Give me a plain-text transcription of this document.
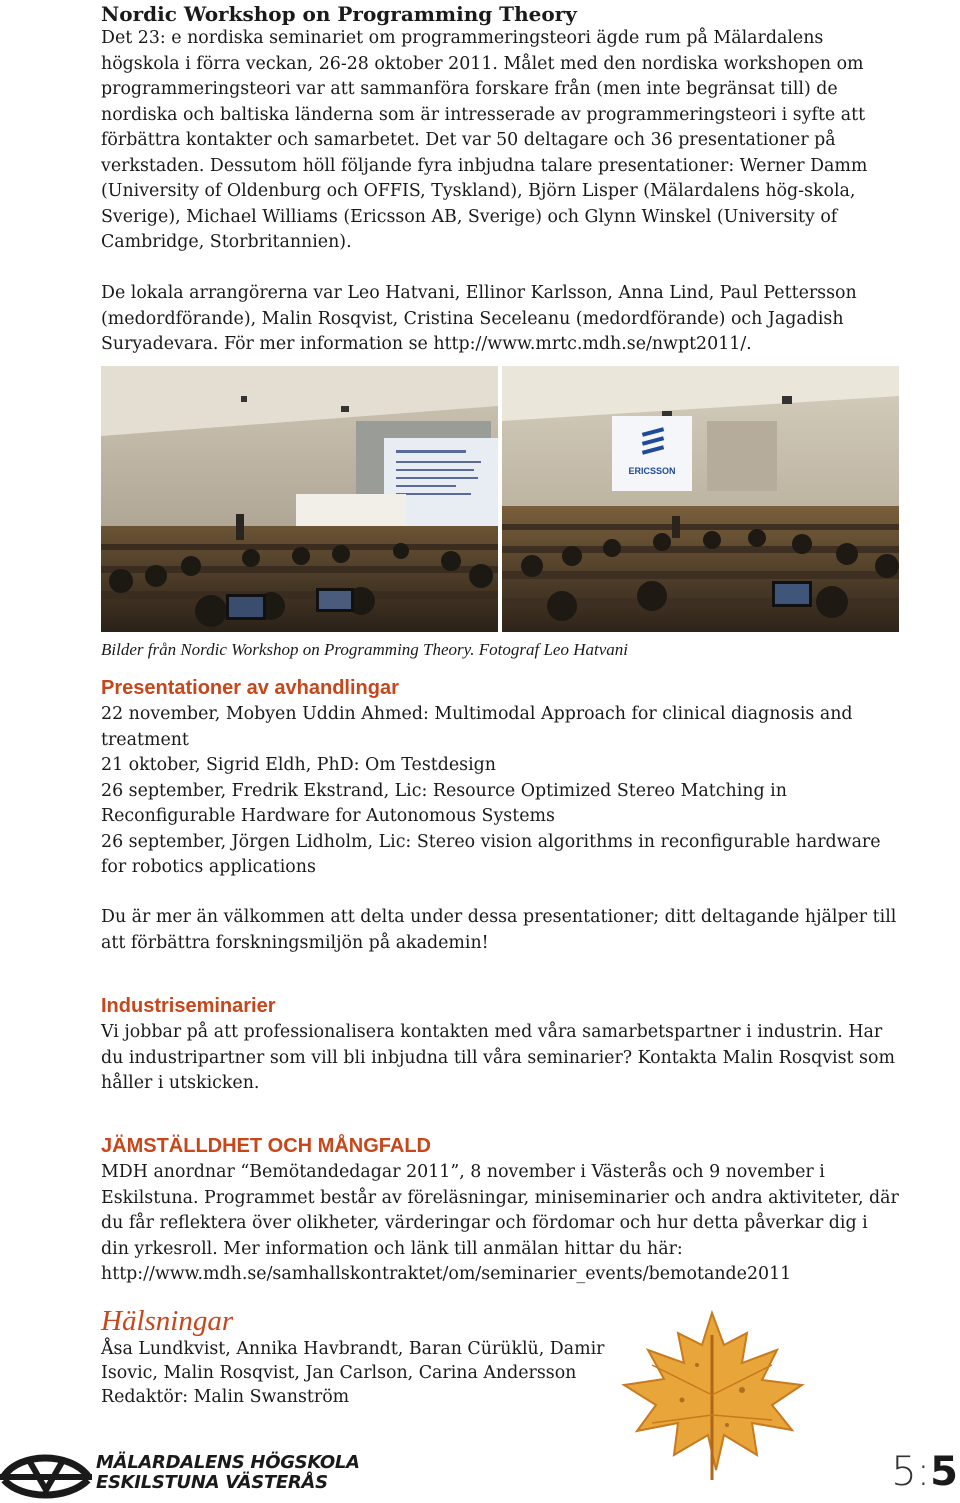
Nordic Workshop on Programming Theory

Det 23: e nordiska seminariet om programmeringsteori ägde rum på Mälardalens högskola i förra veckan, 26-28 oktober 2011. Målet med den nordiska workshopen om programmeringsteori var att sammanföra forskare från (men inte begränsat till) de nordiska och baltiska länderna som är intresserade av programmeringsteori i syfte att förbättra kontakter och samarbetet. Det var 50 deltagare och 36 presentationer på verkstaden. Dessutom höll följande fyra inbjudna talare presentationer: Werner Damm (University of Oldenburg och OFFIS, Tyskland), Björn Lisper (Mälardalens hög-skola, Sverige), Michael Williams (Ericsson AB, Sverige) och Glynn Winskel (University of Cambridge, Storbritannien).

De lokala arrangörerna var Leo Hatvani, Ellinor Karlsson, Anna Lind, Paul Pettersson (medordförande), Malin Rosqvist, Cristina Seceleanu (medordförande) och Jagadish Suryadevara. För mer information se http://www.mrtc.mdh.se/nwpt2011/.

ERICSSON
Bilder från Nordic Workshop on Programming Theory. Fotograf Leo Hatvani
Presentationer av avhandlingar
22 november, Mobyen Uddin Ahmed: Multimodal Approach for clinical diagnosis and treatment
21 oktober, Sigrid Eldh, PhD: Om Testdesign
26 september, Fredrik Ekstrand, Lic: Resource Optimized Stereo Matching in Reconfigurable Hardware for Autonomous Systems
26 september, Jörgen Lidholm, Lic: Stereo vision algorithms in reconfigurable hardware for robotics applications

Du är mer än välkommen att delta under dessa presentationer; ditt deltagande hjälper till att förbättra forskningsmiljön på akademin!

Industriseminarier

Vi jobbar på att professionalisera kontakten med våra samarbetspartner i industrin. Har du industripartner som vill bli inbjudna till våra seminarier? Kontakta Malin Rosqvist som håller i utskicken.

JÄMSTÄLLDHET OCH MÅNGFALD

MDH anordnar “Bemötandedagar 2011”, 8 november i Västerås och 9 november i Eskilstuna. Programmet består av föreläsningar, miniseminarier och andra aktiviteter, där du får reflektera över olikheter, värderingar och fördomar och hur detta påverkar dig i din yrkesroll. Mer information och länk till anmälan hittar du här: http://www.mdh.se/samhallskontraktet/om/seminarier_events/bemotande2011

Hälsningar
Åsa Lundkvist, Annika Havbrandt, Baran Cürüklü, Damir
Isovic, Malin Rosqvist, Jan Carlson, Carina Andersson
Redaktör: Malin Swanström
MÄLARDALENS HÖGSKOLA
ESKILSTUNA VÄSTERÅS	5:5
